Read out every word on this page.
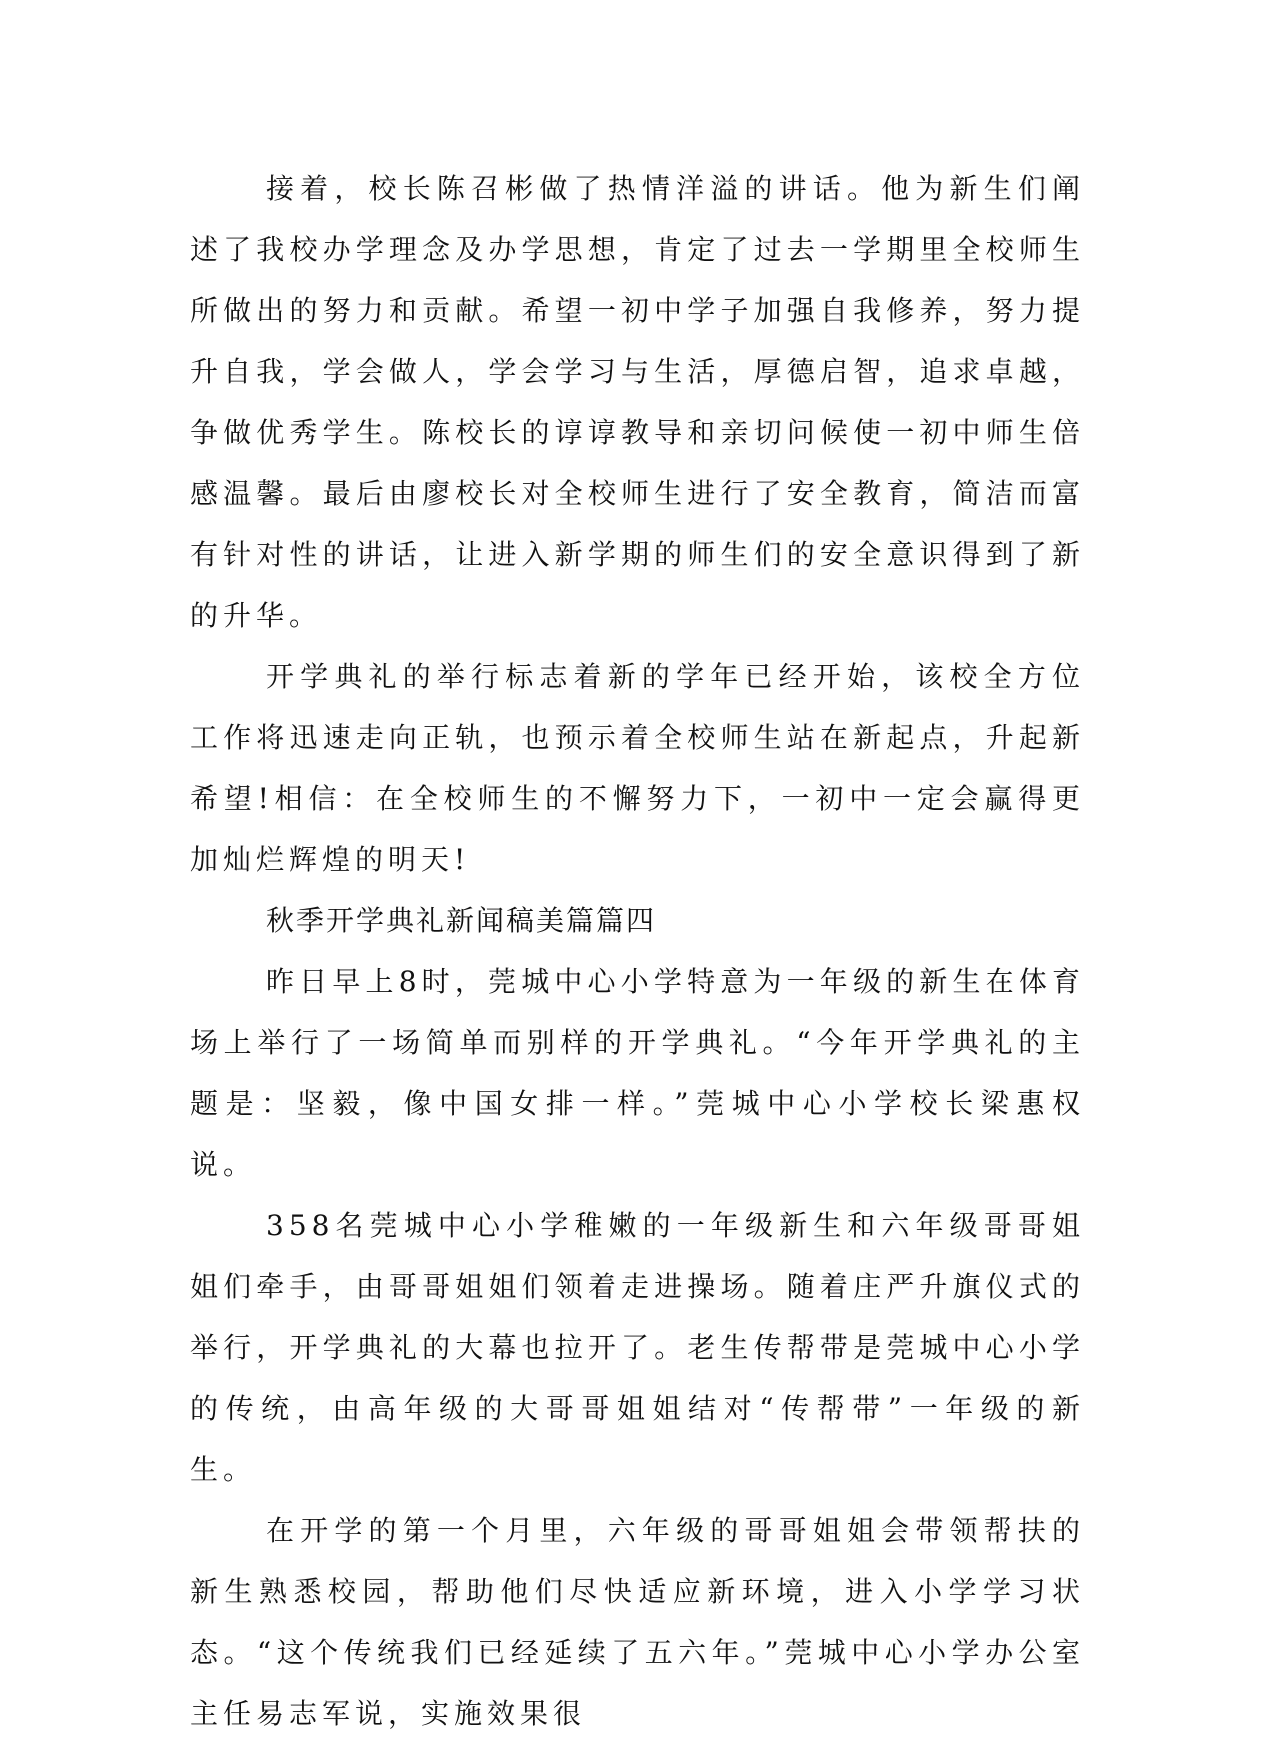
接着，校长陈召彬做了热情洋溢的讲话。他为新生们阐述了我校办学理念及办学思想，肯定了过去一学期里全校师生所做出的努力和贡献。希望一初中学子加强自我修养，努力提升自我，学会做人，学会学习与生活，厚德启智，追求卓越，争做优秀学生。陈校长的谆谆教导和亲切问候使一初中师生倍感温馨。最后由廖校长对全校师生进行了安全教育，简洁而富有针对性的讲话，让进入新学期的师生们的安全意识得到了新的升华。

开学典礼的举行标志着新的学年已经开始，该校全方位工作将迅速走向正轨，也预示着全校师生站在新起点，升起新希望!相信：在全校师生的不懈努力下，一初中一定会赢得更加灿烂辉煌的明天!

秋季开学典礼新闻稿美篇篇四

昨日早上8时，莞城中心小学特意为一年级的新生在体育场上举行了一场简单而别样的开学典礼。“今年开学典礼的主题是：坚毅，像中国女排一样。”莞城中心小学校长梁惠权说。

358名莞城中心小学稚嫩的一年级新生和六年级哥哥姐姐们牵手，由哥哥姐姐们领着走进操场。随着庄严升旗仪式的举行，开学典礼的大幕也拉开了。老生传帮带是莞城中心小学的传统，由高年级的大哥哥姐姐结对“传帮带”一年级的新生。

在开学的第一个月里，六年级的哥哥姐姐会带领帮扶的新生熟悉校园，帮助他们尽快适应新环境，进入小学学习状态。“这个传统我们已经延续了五六年。”莞城中心小学办公室主任易志军说，实施效果很
